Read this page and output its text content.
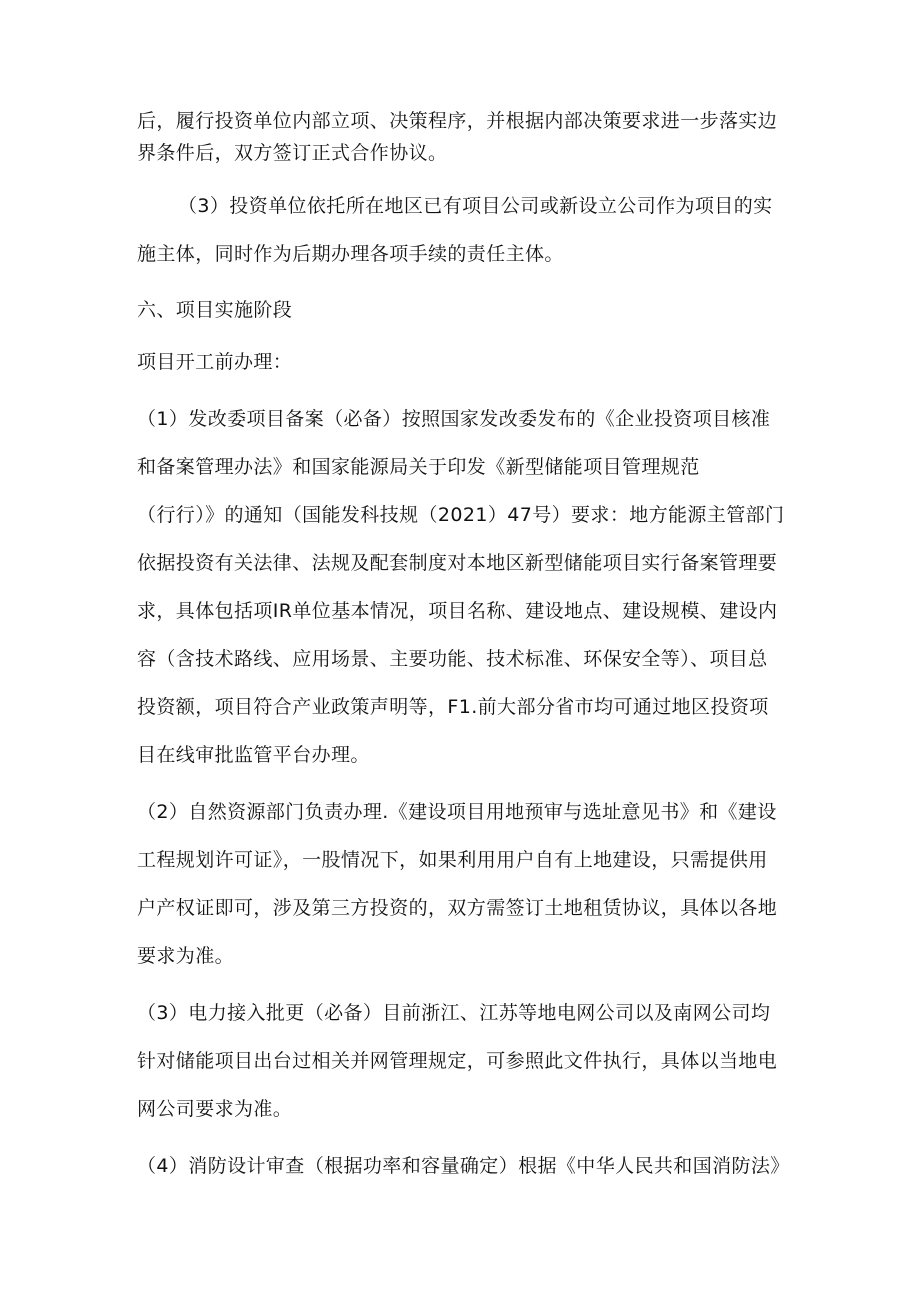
后，履行投资单位内部立项、决策程序，并根据内部决策要求进一步落实边

界条件后，双方签订正式合作协议。

（3）投资单位依托所在地区已有项目公司或新设立公司作为项目的实

施主体，同时作为后期办理各项手续的责任主体。

六、项目实施阶段

项目开工前办理：

（1）发改委项目备案（必备）按照国家发改委发布的《企业投资项目核准

和备案管理办法》和国家能源局关于印发《新型储能项目管理规范

（行行）》的通知（国能发科技规（2021）47号）要求：地方能源主管部门

依据投资有关法律、法规及配套制度对本地区新型储能项目实行备案管理要

求，具体包括项IR单位基本情况，项目名称、建设地点、建设规模、建设内

容（含技术路线、应用场景、主要功能、技术标准、环保安全等）、项目总

投资额，项目符合产业政策声明等，F1.前大部分省市均可通过地区投资项

目在线审批监管平台办理。

（2）自然资源部门负责办理.《建设项目用地预审与选址意见书》和《建设

工程规划许可证》，一股情况下，如果利用用户自有上地建设，只需提供用

户产权证即可，涉及第三方投资的，双方需签订土地租赁协议，具体以各地

要求为准。

（3）电力接入批更（必备）目前浙江、江苏等地电网公司以及南网公司均

针对储能项目出台过相关并网管理规定，可参照此文件执行，具体以当地电

网公司要求为准。

（4）消防设计审查（根据功率和容量确定）根据《中华人民共和国消防法》
